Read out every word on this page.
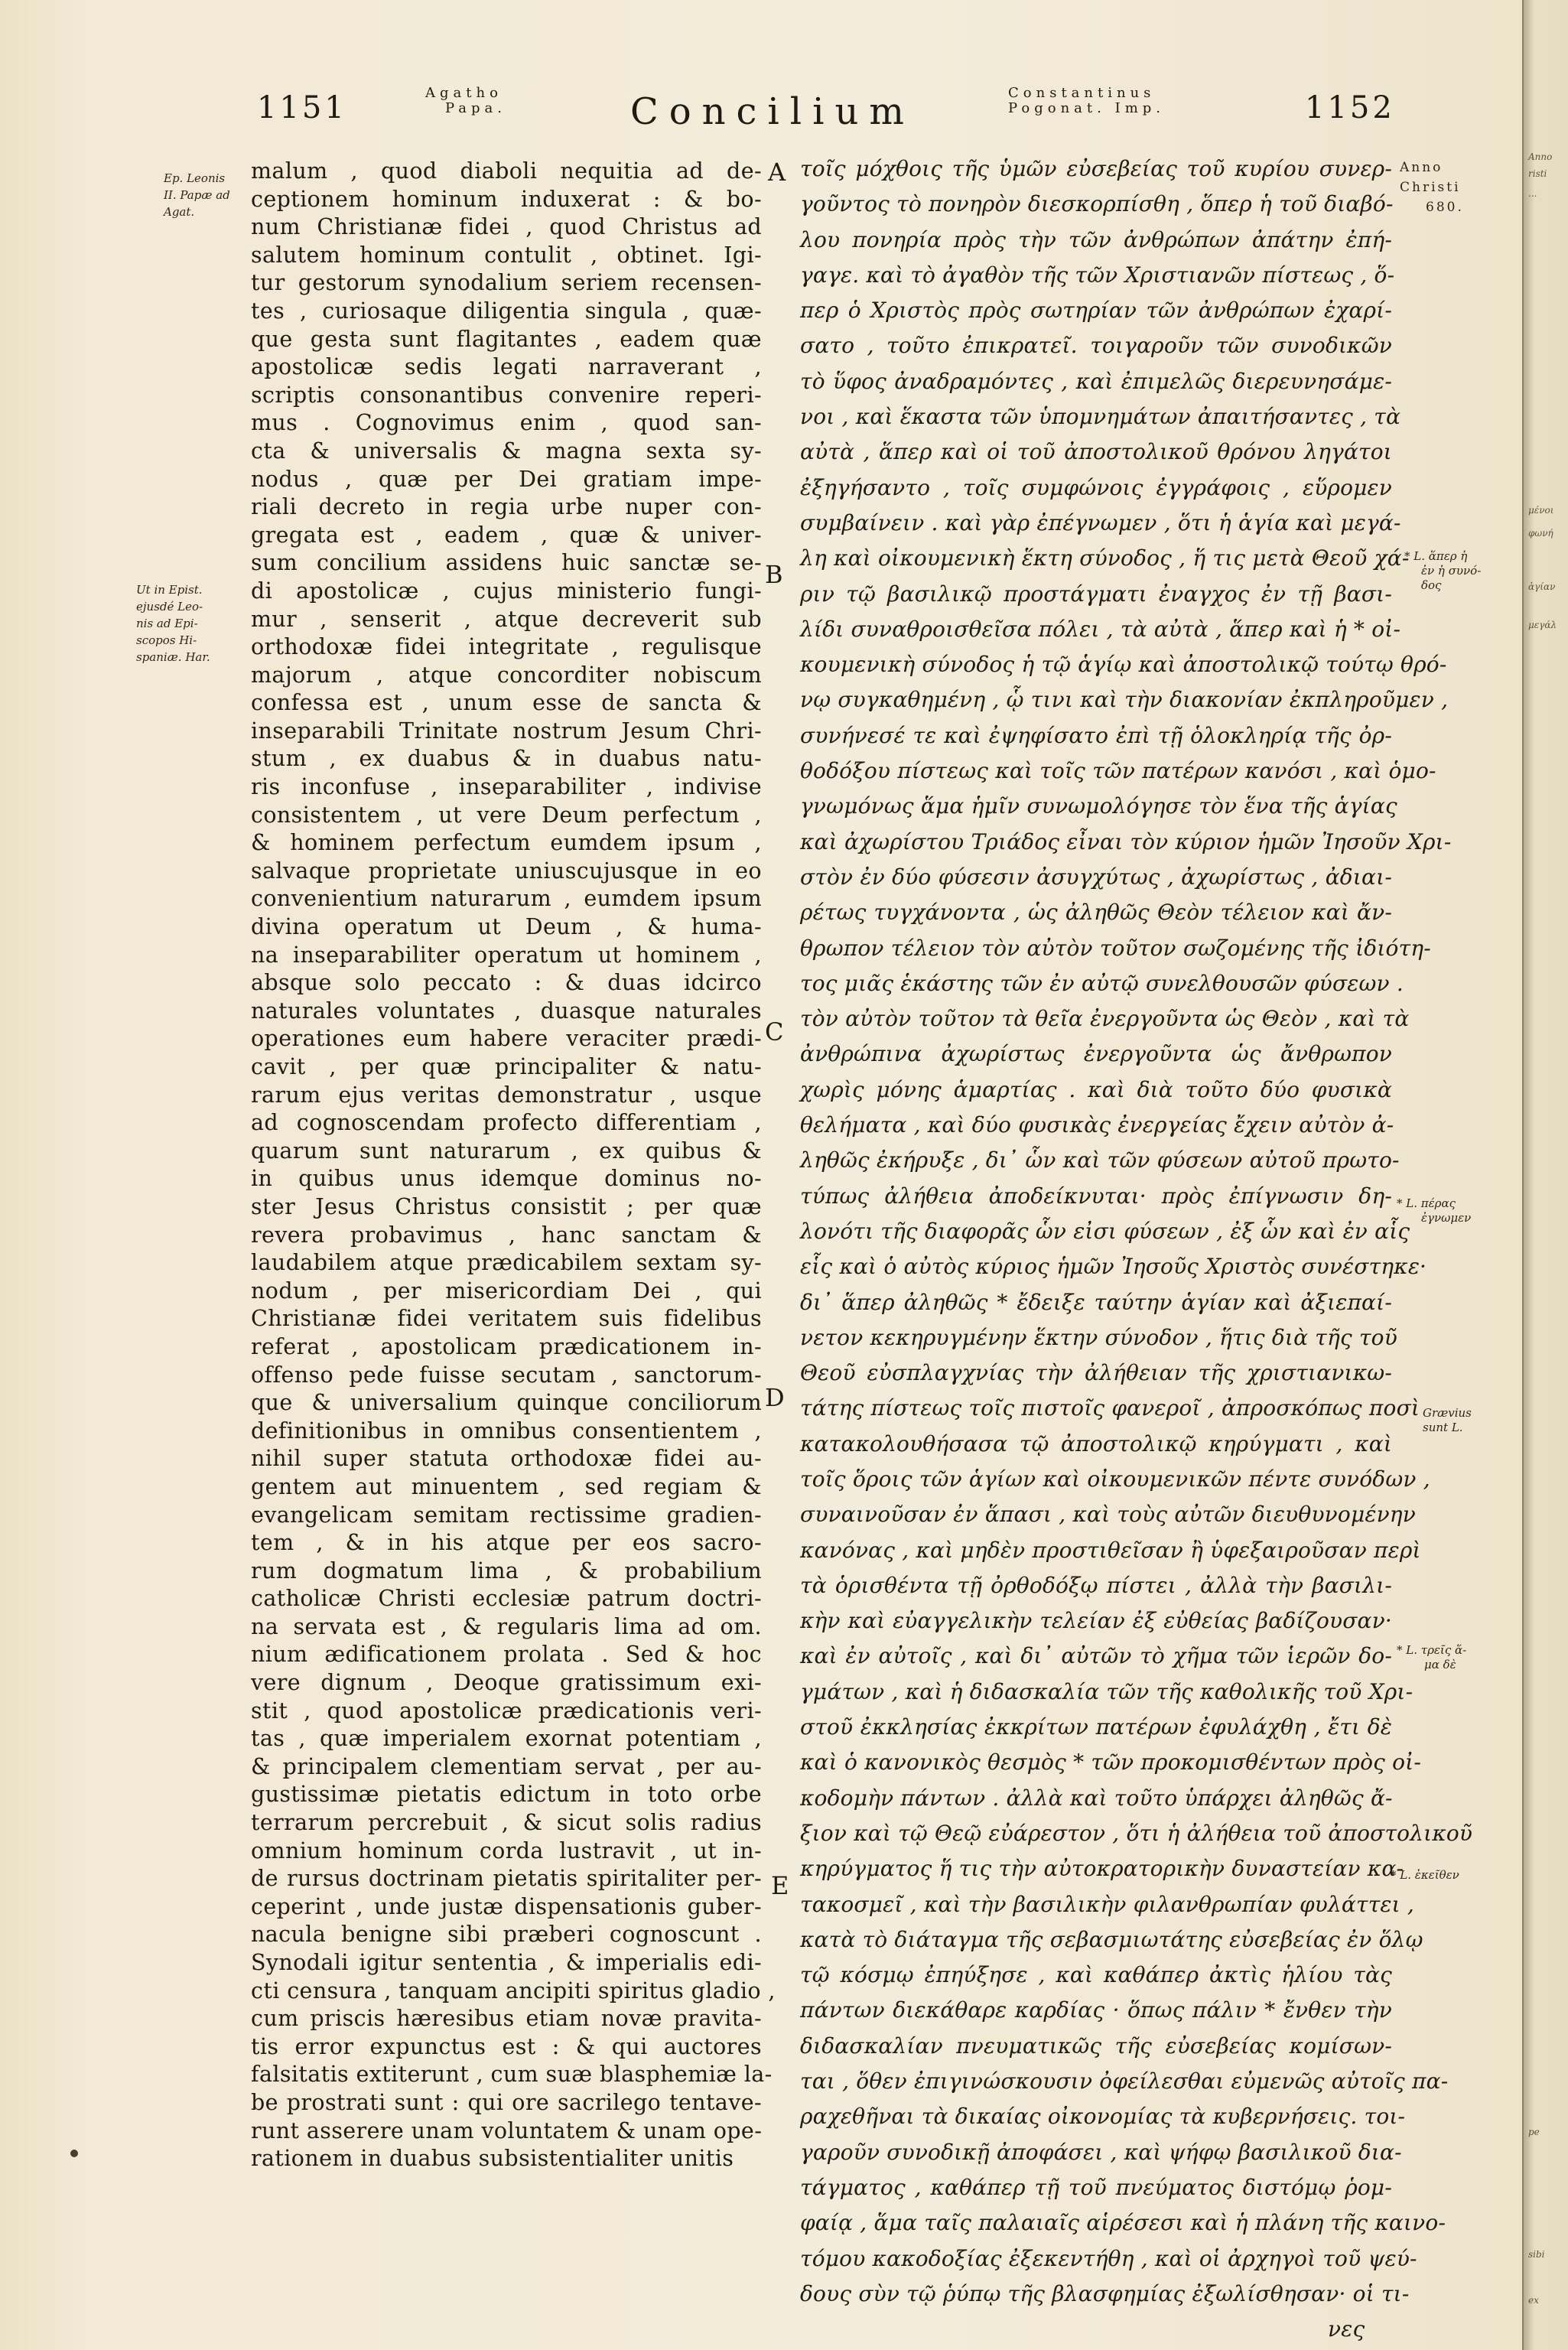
1151	Agatho
Papa.	Concilium	Constantinus
Pogonat. Imp.	1152
Ep. Leonis
II. Papæ ad
Agat.
Ut in Epist.
ejusdé Leo-
nis ad Epi-
scopos Hi-
spaniæ. Har.
malum , quod diaboli nequitia ad de-
ceptionem hominum induxerat : & bo-
num Christianæ fidei , quod Christus ad
salutem hominum contulit , obtinet. Igi-
tur gestorum synodalium seriem recensen-
tes , curiosaque diligentia singula , quæ-
que gesta sunt flagitantes , eadem quæ
apostolicæ sedis legati narraverant ,
scriptis consonantibus convenire reperi-
mus . Cognovimus enim , quod san-
cta & universalis & magna sexta sy-
nodus , quæ per Dei gratiam impe-
riali decreto in regia urbe nuper con-
gregata est , eadem , quæ & univer-
sum concilium assidens huic sanctæ se-
di apostolicæ , cujus ministerio fungi-
mur , senserit , atque decreverit sub
orthodoxæ fidei integritate , regulisque
majorum , atque concorditer nobiscum
confessa est , unum esse de sancta &
inseparabili Trinitate nostrum Jesum Chri-
stum , ex duabus & in duabus natu-
ris inconfuse , inseparabiliter , indivise
consistentem , ut vere Deum perfectum ,
& hominem perfectum eumdem ipsum ,
salvaque proprietate uniuscujusque in eo
convenientium naturarum , eumdem ipsum
divina operatum ut Deum , & huma-
na inseparabiliter operatum ut hominem ,
absque solo peccato : & duas idcirco
naturales voluntates , duasque naturales
operationes eum habere veraciter prædi-
cavit , per quæ principaliter & natu-
rarum ejus veritas demonstratur , usque
ad cognoscendam profecto differentiam ,
quarum sunt naturarum , ex quibus &
in quibus unus idemque dominus no-
ster Jesus Christus consistit ; per quæ
revera probavimus , hanc sanctam &
laudabilem atque prædicabilem sextam sy-
nodum , per misericordiam Dei , qui
Christianæ fidei veritatem suis fidelibus
referat , apostolicam prædicationem in-
offenso pede fuisse secutam , sanctorum-
que & universalium quinque conciliorum
definitionibus in omnibus consentientem ,
nihil super statuta orthodoxæ fidei au-
gentem aut minuentem , sed regiam &
evangelicam semitam rectissime gradien-
tem , & in his atque per eos sacro-
rum dogmatum lima , & probabilium
catholicæ Christi ecclesiæ patrum doctri-
na servata est , & regularis lima ad om.
nium ædificationem prolata . Sed & hoc
vere dignum , Deoque gratissimum exi-
stit , quod apostolicæ prædicationis veri-
tas , quæ imperialem exornat potentiam ,
& principalem clementiam servat , per au-
gustissimæ pietatis edictum in toto orbe
terrarum percrebuit , & sicut solis radius
omnium hominum corda lustravit , ut in-
de rursus doctrinam pietatis spiritaliter per-
ceperint , unde justæ dispensationis guber-
nacula benigne sibi præberi cognoscunt .
Synodali igitur sententia , & imperialis edi-
cti censura , tanquam ancipiti spiritus gladio ,
cum priscis hæresibus etiam novæ pravita-
tis error expunctus est : & qui auctores
falsitatis extiterunt , cum suæ blasphemiæ la-
be prostrati sunt : qui ore sacrilego tentave-
runt asserere unam voluntatem & unam ope-
rationem in duabus subsistentialiter unitis
A
B
C
D
E
τοῖς μόχθοις τῆς ὑμῶν εὐσεβείας τοῦ κυρίου συνερ-
γοῦντος τὸ πονηρὸν διεσκορπίσθη , ὅπερ ἡ τοῦ διαβό-
λου πονηρία πρὸς τὴν τῶν ἀνθρώπων ἀπάτην ἐπή-
γαγε. καὶ τὸ ἀγαθὸν τῆς τῶν Χριστιανῶν πίστεως , ὅ-
περ ὁ Χριστὸς πρὸς σωτηρίαν τῶν ἀνθρώπων ἐχαρί-
σατο , τοῦτο ἐπικρατεῖ. τοιγαροῦν τῶν συνοδικῶν
τὸ ὕφος ἀναδραμόντες , καὶ ἐπιμελῶς διερευνησάμε-
νοι , καὶ ἕκαστα τῶν ὑπομνημάτων ἀπαιτήσαντες , τὰ
αὐτὰ , ἅπερ καὶ οἱ τοῦ ἀποστολικοῦ θρόνου ληγάτοι
ἐξηγήσαντο , τοῖς συμφώνοις ἐγγράφοις , εὕρομεν
συμβαίνειν . καὶ γὰρ ἐπέγνωμεν , ὅτι ἡ ἁγία καὶ μεγά-
λη καὶ οἰκουμενικὴ ἕκτη σύνοδος , ἥ τις μετὰ Θεοῦ χά-
ριν τῷ βασιλικῷ προστάγματι ἐναγχος ἐν τῇ βασι-
λίδι συναθροισθεῖσα πόλει , τὰ αὐτὰ , ἅπερ καὶ ἡ * οἰ-
κουμενικὴ σύνοδος ἡ τῷ ἁγίῳ καὶ ἀποστολικῷ τούτῳ θρό-
νῳ συγκαθημένη , ᾧ τινι καὶ τὴν διακονίαν ἐκπληροῦμεν ,
συνήνεσέ τε καὶ ἐψηφίσατο ἐπὶ τῇ ὁλοκληρίᾳ τῆς ὀρ-
θοδόξου πίστεως καὶ τοῖς τῶν πατέρων κανόσι , καὶ ὁμο-
γνωμόνως ἅμα ἡμῖν συνωμολόγησε τὸν ἕνα τῆς ἁγίας
καὶ ἀχωρίστου Τριάδος εἶναι τὸν κύριον ἡμῶν Ἰησοῦν Χρι-
στὸν ἐν δύο φύσεσιν ἀσυγχύτως , ἀχωρίστως , ἀδιαι-
ρέτως τυγχάνοντα , ὡς ἀληθῶς Θεὸν τέλειον καὶ ἄν-
θρωπον τέλειον τὸν αὐτὸν τοῦτον σωζομένης τῆς ἰδιότη-
τος μιᾶς ἑκάστης τῶν ἐν αὐτῷ συνελθουσῶν φύσεων .
τὸν αὐτὸν τοῦτον τὰ θεῖα ἐνεργοῦντα ὡς Θεὸν , καὶ τὰ
ἀνθρώπινα ἀχωρίστως ἐνεργοῦντα ὡς ἄνθρωπον
χωρὶς μόνης ἁμαρτίας . καὶ διὰ τοῦτο δύο φυσικὰ
θελήματα , καὶ δύο φυσικὰς ἐνεργείας ἔχειν αὐτὸν ἀ-
ληθῶς ἐκήρυξε , δι᾽ ὧν καὶ τῶν φύσεων αὐτοῦ πρωτο-
τύπως ἀλήθεια ἀποδείκνυται· πρὸς ἐπίγνωσιν δη-
λονότι τῆς διαφορᾶς ὧν εἰσι φύσεων , ἐξ ὧν καὶ ἐν αἷς
εἷς καὶ ὁ αὐτὸς κύριος ἡμῶν Ἰησοῦς Χριστὸς συνέστηκε·
δι᾽ ἅπερ ἀληθῶς * ἔδειξε ταύτην ἁγίαν καὶ ἀξιεπαί-
νετον κεκηρυγμένην ἕκτην σύνοδον , ἥτις διὰ τῆς τοῦ
Θεοῦ εὐσπλαγχνίας τὴν ἀλήθειαν τῆς χριστιανικω-
τάτης πίστεως τοῖς πιστοῖς φανεροῖ , ἀπροσκόπως ποσὶ
κατακολουθήσασα τῷ ἀποστολικῷ κηρύγματι , καὶ
τοῖς ὅροις τῶν ἁγίων καὶ οἰκουμενικῶν πέντε συνόδων ,
συναινοῦσαν ἐν ἅπασι , καὶ τοὺς αὐτῶν διευθυνομένην
κανόνας , καὶ μηδὲν προστιθεῖσαν ἢ ὑφεξαιροῦσαν περὶ
τὰ ὁρισθέντα τῇ ὀρθοδόξῳ πίστει , ἀλλὰ τὴν βασιλι-
κὴν καὶ εὐαγγελικὴν τελείαν ἐξ εὐθείας βαδίζουσαν·
καὶ ἐν αὐτοῖς , καὶ δι᾽ αὐτῶν τὸ χῆμα τῶν ἱερῶν δο-
γμάτων , καὶ ἡ διδασκαλία τῶν τῆς καθολικῆς τοῦ Χρι-
στοῦ ἐκκλησίας ἐκκρίτων πατέρων ἐφυλάχθη , ἔτι δὲ
καὶ ὁ κανονικὸς θεσμὸς * τῶν προκομισθέντων πρὸς οἰ-
κοδομὴν πάντων . ἀλλὰ καὶ τοῦτο ὑπάρχει ἀληθῶς ἄ-
ξιον καὶ τῷ Θεῷ εὐάρεστον , ὅτι ἡ ἀλήθεια τοῦ ἀποστολικοῦ
κηρύγματος ἥ τις τὴν αὐτοκρατορικὴν δυναστείαν κα-
τακοσμεῖ , καὶ τὴν βασιλικὴν φιλανθρωπίαν φυλάττει ,
κατὰ τὸ διάταγμα τῆς σεβασμιωτάτης εὐσεβείας ἐν ὅλῳ
τῷ κόσμῳ ἐπηύξησε , καὶ καθάπερ ἀκτὶς ἡλίου τὰς
πάντων διεκάθαρε καρδίας · ὅπως πάλιν * ἔνθεν τὴν
διδασκαλίαν πνευματικῶς τῆς εὐσεβείας κομίσων-
ται , ὅθεν ἐπιγινώσκουσιν ὀφείλεσθαι εὐμενῶς αὐτοῖς πα-
ραχεθῆναι τὰ δικαίας οἰκονομίας τὰ κυβερνήσεις. τοι-
γαροῦν συνοδικῇ ἀποφάσει , καὶ ψήφῳ βασιλικοῦ δια-
τάγματος , καθάπερ τῇ τοῦ πνεύματος διστόμῳ ῥομ-
φαίᾳ , ἅμα ταῖς παλαιαῖς αἱρέσεσι καὶ ἡ πλάνη τῆς καινο-
τόμου κακοδοξίας ἐξεκεντήθη , καὶ οἱ ἀρχηγοὶ τοῦ ψεύ-
δους σὺν τῷ ῥύπῳ τῆς βλασφημίας ἐξωλίσθησαν· οἱ τι-
νες
Anno
Christi
680.
* L. ἅπερ ἡ
ἐν ἡ συνό-
δος
* L. πέρας
ἐγνωμεν
Grævius
sunt L.
* L. τρεῖς ἅ-
μα δὲ
* L. ἐκεῖθεν
Anno
risti
...
μένοι
φωνή
ἁγίαν
μεγάλ
pe
sibi
ex
